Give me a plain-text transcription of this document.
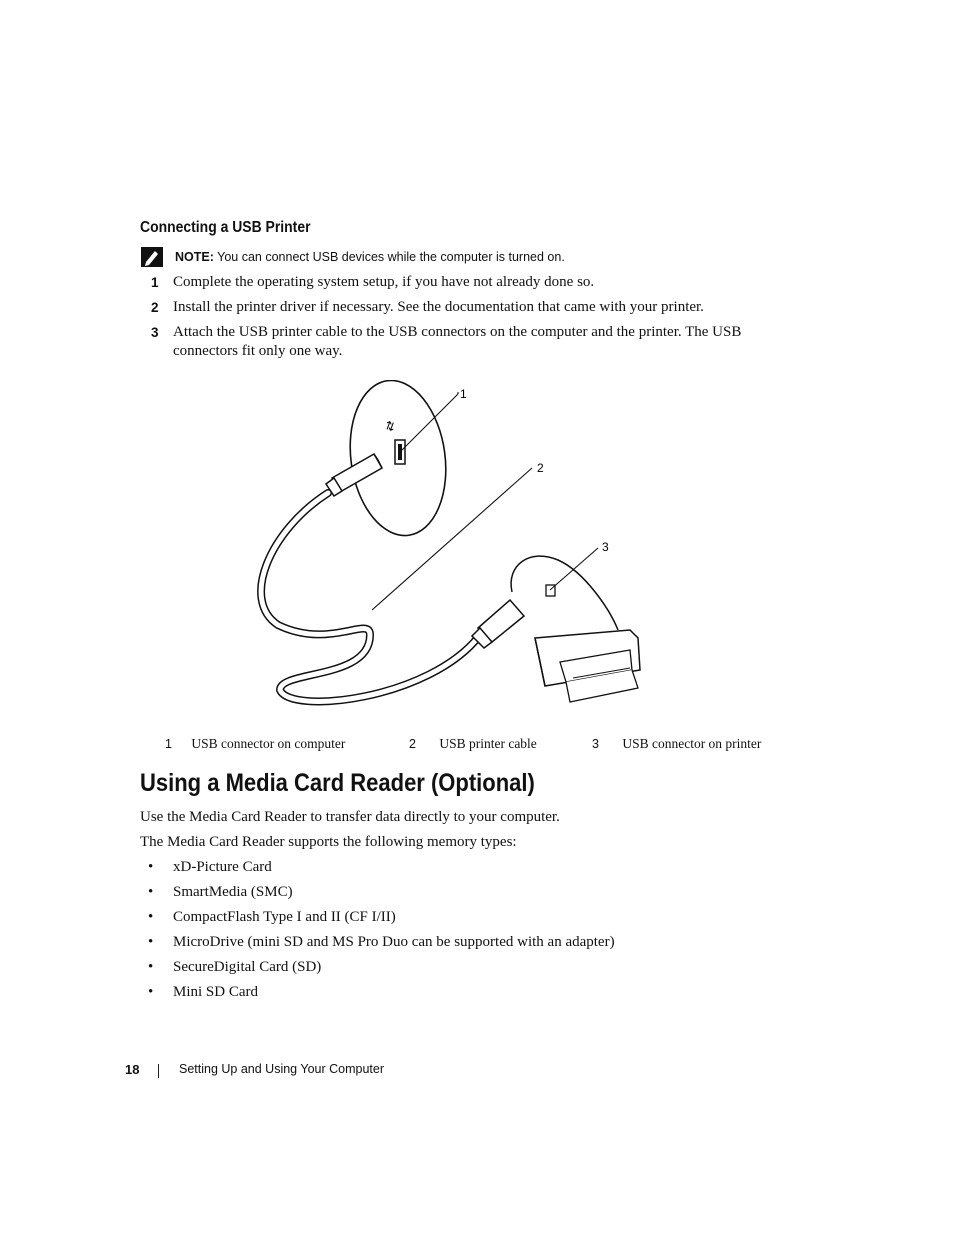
Connecting a USB Printer
NOTE: You can connect USB devices while the computer is turned on.
1 Complete the operating system setup, if you have not already done so.
2 Install the printer driver if necessary. See the documentation that came with your printer.
3 Attach the USB printer cable to the USB connectors on the computer and the printer. The USB connectors fit only one way.
⇄
1
2
3
1 USB connector on computer	2 USB printer cable	3 USB connector on printer
Using a Media Card Reader (Optional)
Use the Media Card Reader to transfer data directly to your computer.
The Media Card Reader supports the following memory types:
• xD-Picture Card
• SmartMedia (SMC)
• CompactFlash Type I and II (CF I/II)
• MicroDrive (mini SD and MS Pro Duo can be supported with an adapter)
• SecureDigital Card (SD)
• Mini SD Card
18	Setting Up and Using Your Computer
